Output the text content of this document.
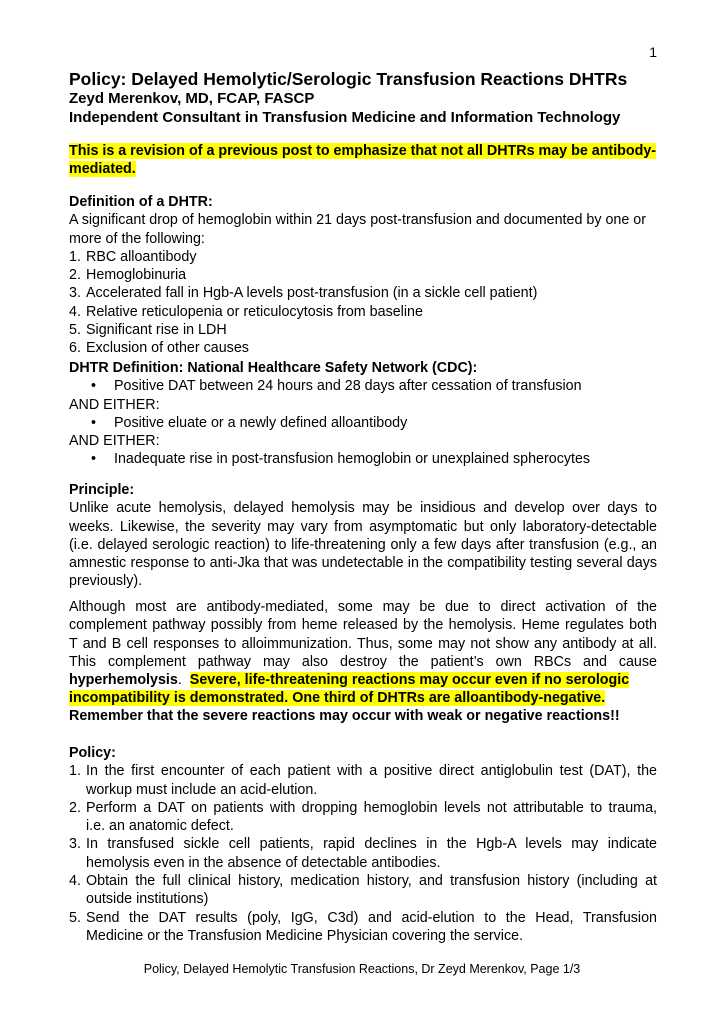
1
Policy: Delayed Hemolytic/Serologic Transfusion Reactions DHTRs
Zeyd Merenkov, MD, FCAP, FASCP
Independent Consultant in Transfusion Medicine and Information Technology
This is a revision of a previous post to emphasize that not all DHTRs may be antibody-
mediated.
Definition of a DHTR:
A significant drop of hemoglobin within 21 days post-transfusion and documented by one or
more of the following:
1. RBC alloantibody
2. Hemoglobinuria
3. Accelerated fall in Hgb-A levels post-transfusion (in a sickle cell patient)
4. Relative reticulopenia or reticulocytosis from baseline
5. Significant rise in LDH
6. Exclusion of other causes
DHTR Definition: National Healthcare Safety Network (CDC):
• Positive DAT between 24 hours and 28 days after cessation of transfusion
AND EITHER:
• Positive eluate or a newly defined alloantibody
AND EITHER:
• Inadequate rise in post-transfusion hemoglobin or unexplained spherocytes
Principle:
Unlike acute hemolysis, delayed hemolysis may be insidious and develop over days to
weeks. Likewise, the severity may vary from asymptomatic but only laboratory-detectable
(i.e. delayed serologic reaction) to life-threatening only a few days after transfusion (e.g., an
amnestic response to anti-Jka that was undetectable in the compatibility testing several days
previously).
Although most are antibody-mediated, some may be due to direct activation of the
complement pathway possibly from heme released by the hemolysis. Heme regulates both
T and B cell responses to alloimmunization. Thus, some may not show any antibody at all.
This complement pathway may also destroy the patient’s own RBCs and cause
hyperhemolysis.  Severe, life-threatening reactions may occur even if no serologic
incompatibility is demonstrated. One third of DHTRs are alloantibody-negative.
Remember that the severe reactions may occur with weak or negative reactions!!
Policy:
1. In the first encounter of each patient with a positive direct antiglobulin test (DAT), the
workup must include an acid-elution.
2. Perform a DAT on patients with dropping hemoglobin levels not attributable to trauma,
i.e. an anatomic defect.
3. In transfused sickle cell patients, rapid declines in the Hgb-A levels may indicate
hemolysis even in the absence of detectable antibodies.
4. Obtain the full clinical history, medication history, and transfusion history (including at
outside institutions)
5. Send the DAT results (poly, IgG, C3d) and acid-elution to the Head, Transfusion
Medicine or the Transfusion Medicine Physician covering the service.
Policy, Delayed Hemolytic Transfusion Reactions, Dr Zeyd Merenkov, Page 1/3
